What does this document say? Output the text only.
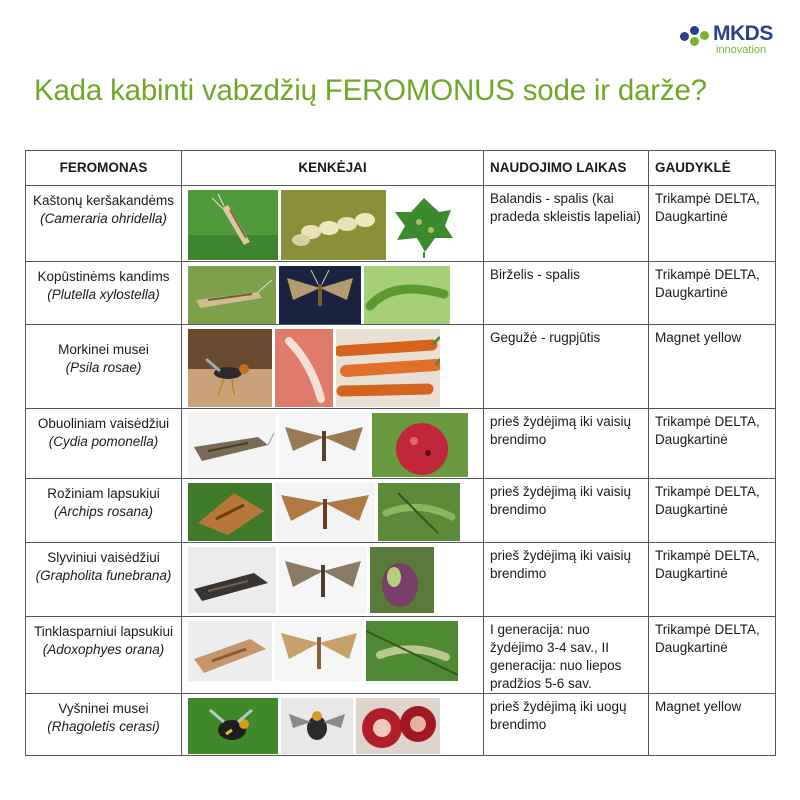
MKDS
innovation
Kada kabinti vabzdžių FEROMONUS sode ir darže?
FEROMONAS	KENKĖJAI	NAUDOJIMO LAIKAS	GAUDYKLĖ

Kaštonų keršakandėms
(Cameraria ohridella)		Balandis - spalis (kai pradeda skleistis lapeliai)	Trikampė DELTA, Daugkartinė

Kopūstinėms kandims
(Plutella xylostella)		Birželis - spalis	Trikampė DELTA, Daugkartinė

Morkinei musei
(Psila rosae)		Gegužė - rugpjūtis	Magnet yellow

Obuoliniam vaisėdžiui
(Cydia pomonella)		prieš žydėjimą iki vaisių brendimo	Trikampė DELTA, Daugkartinė

Rožiniam lapsukiui
(Archips rosana)		prieš žydėjimą iki vaisių brendimo	Trikampė DELTA, Daugkartinė

Slyviniui vaisėdžiui
(Grapholita funebrana)		prieš žydėjimą iki vaisių brendimo	Trikampė DELTA, Daugkartinė

Tinklasparniui lapsukiui
(Adoxophyes orana)		I generacija: nuo žydėjimo 3-4 sav., II generacija: nuo liepos pradžios 5-6 sav.	Trikampė DELTA, Daugkartinė

Vyšninei musei
(Rhagoletis cerasi)		prieš žydėjimą iki uogų brendimo	Magnet yellow
